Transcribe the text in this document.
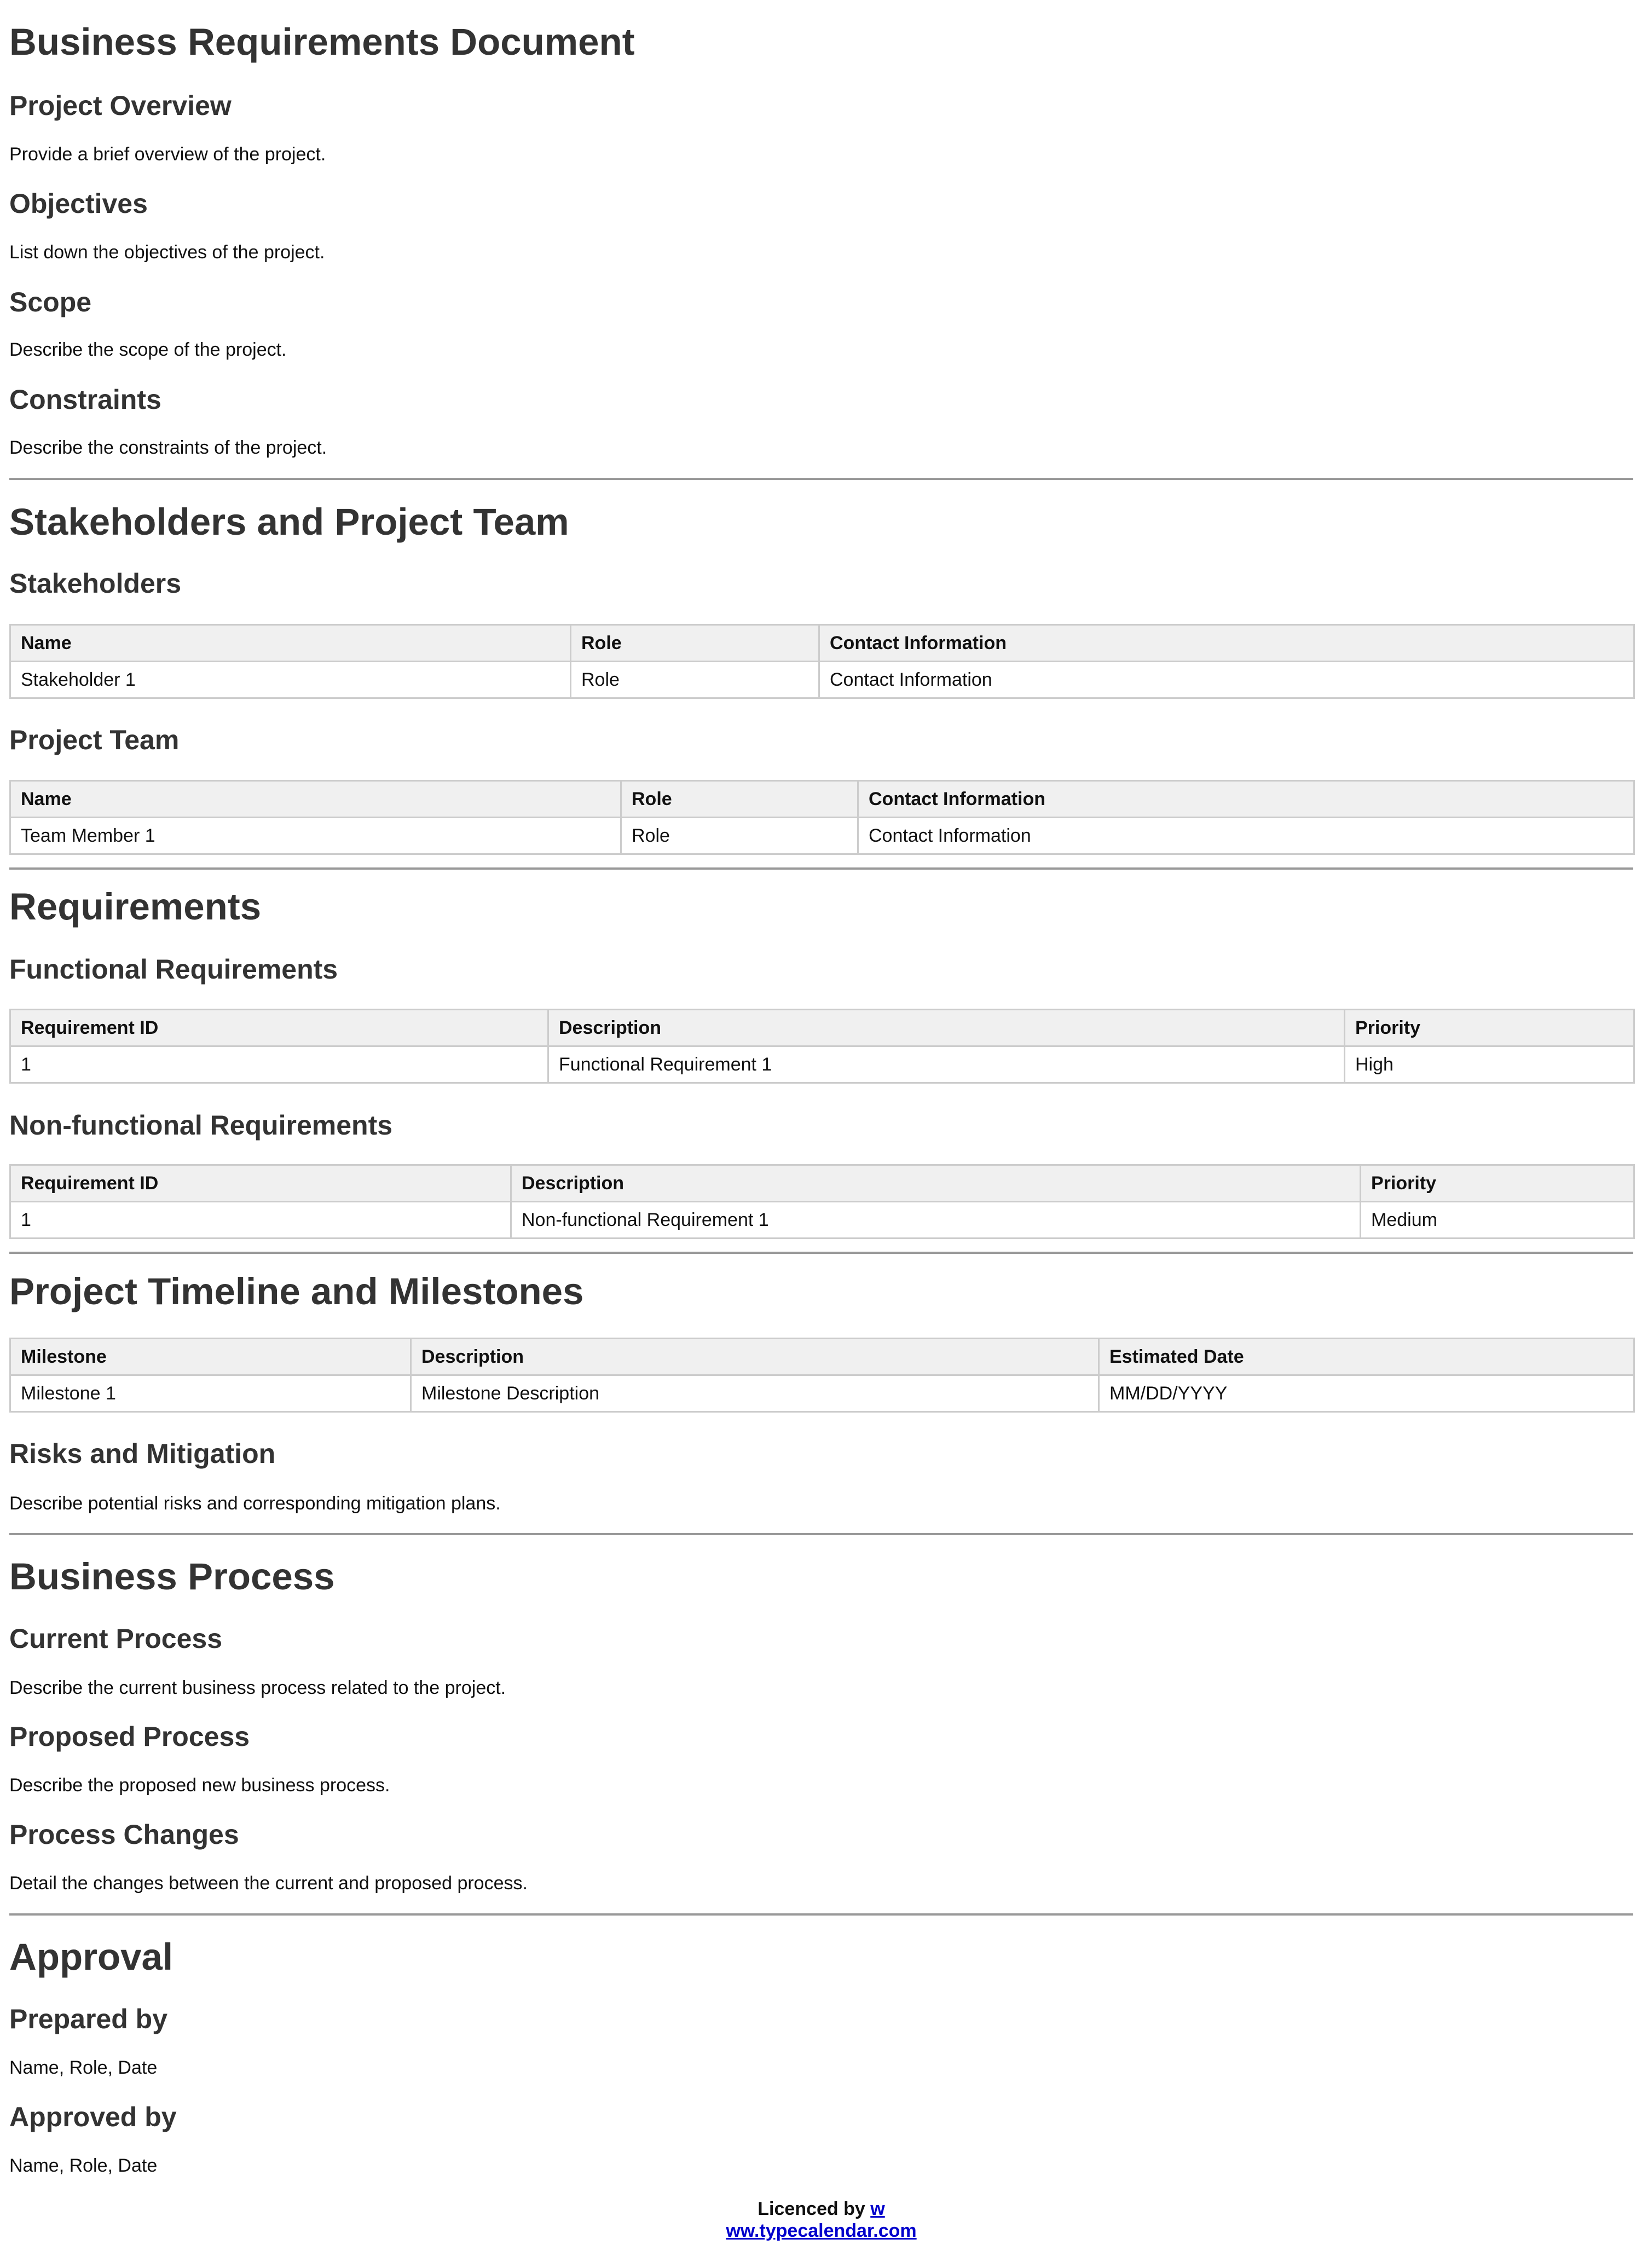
Business Requirements Document
Project Overview

Provide a brief overview of the project.

Objectives

List down the objectives of the project.

Scope

Describe the scope of the project.

Constraints

Describe the constraints of the project.

Stakeholders and Project Team
Stakeholders
Name	Role	Contact Information
Stakeholder 1	Role	Contact Information
Project Team
Name	Role	Contact Information
Team Member 1	Role	Contact Information
Requirements
Functional Requirements
Requirement ID	Description	Priority
1	Functional Requirement 1	High
Non-functional Requirements
Requirement ID	Description	Priority
1	Non-functional Requirement 1	Medium
Project Timeline and Milestones
Milestone	Description	Estimated Date
Milestone 1	Milestone Description	MM/DD/YYYY
Risks and Mitigation

Describe potential risks and corresponding mitigation plans.

Business Process
Current Process

Describe the current business process related to the project.

Proposed Process

Describe the proposed new business process.

Process Changes

Detail the changes between the current and proposed process.

Approval
Prepared by

Name, Role, Date

Approved by

Name, Role, Date

Licenced by w
ww.typecalendar.com
